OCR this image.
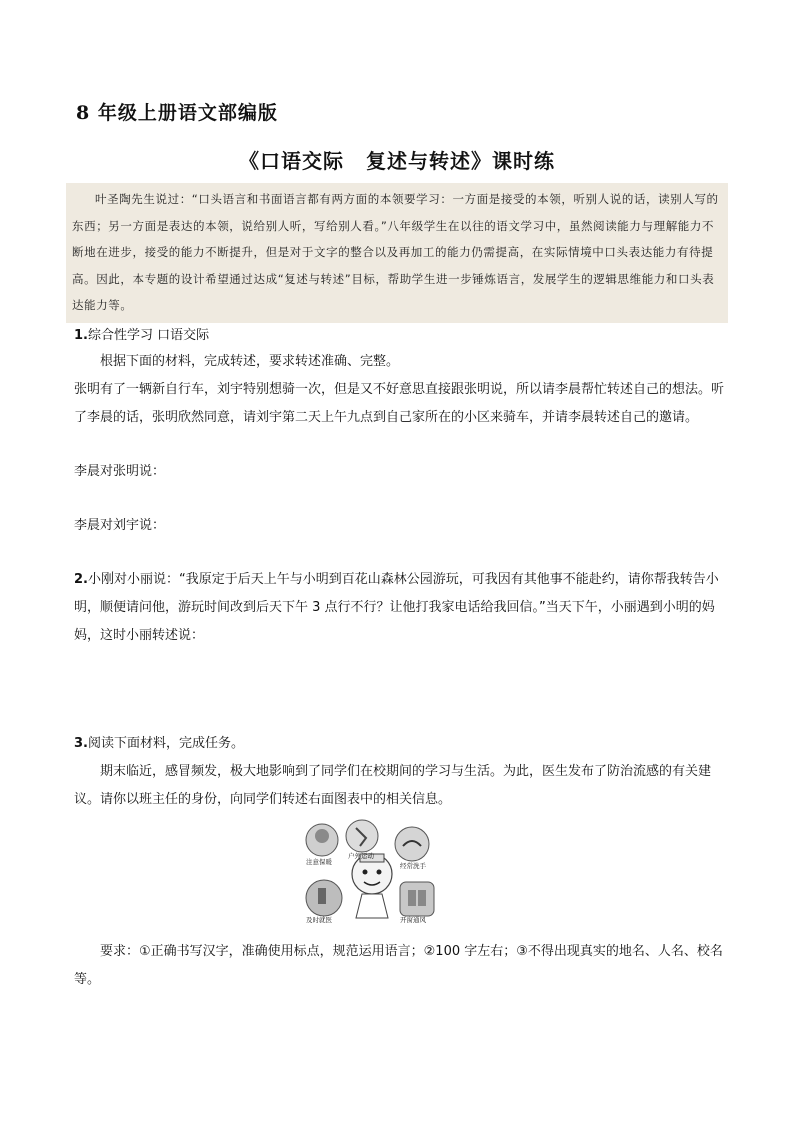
8 年级上册语文部编版
《口语交际 复述与转述》课时练
叶圣陶先生说过：“口头语言和书面语言都有两方面的本领要学习：一方面是接受的本领，听别人说的话，读别人写的东西；另一方面是表达的本领，说给别人听，写给别人看。”八年级学生在以往的语文学习中，虽然阅读能力与理解能力不断地在进步，接受的能力不断提升，但是对于文字的整合以及再加工的能力仍需提高，在实际情境中口头表达能力有待提高。因此，本专题的设计希望通过达成“复述与转述”目标，帮助学生进一步锤炼语言，发展学生的逻辑思维能力和口头表达能力等。
1.综合性学习 口语交际
根据下面的材料，完成转述，要求转述准确、完整。
张明有了一辆新自行车，刘宇特别想骑一次，但是又不好意思直接跟张明说，所以请李晨帮忙转述自己的想法。听了李晨的话，张明欣然同意，请刘宇第二天上午九点到自己家所在的小区来骑车，并请李晨转述自己的邀请。
李晨对张明说：
李晨对刘宇说：
2.小刚对小丽说：“我原定于后天上午与小明到百花山森林公园游玩，可我因有其他事不能赴约，请你帮我转告小明，顺便请问他，游玩时间改到后天下午 3 点行不行？让他打我家电话给我回信。”当天下午，小丽遇到小明的妈妈，这时小丽转述说：
3.阅读下面材料，完成任务。
期末临近，感冒频发，极大地影响到了同学们在校期间的学习与生活。为此，医生发布了防治流感的有关建议。请你以班主任的身份，向同学们转述右面图表中的相关信息。
注意保暖
户外运动
经常洗手
及时就医	开窗通风
要求：①正确书写汉字，准确使用标点，规范运用语言；②100 字左右；③不得出现真实的地名、人名、校名等。
